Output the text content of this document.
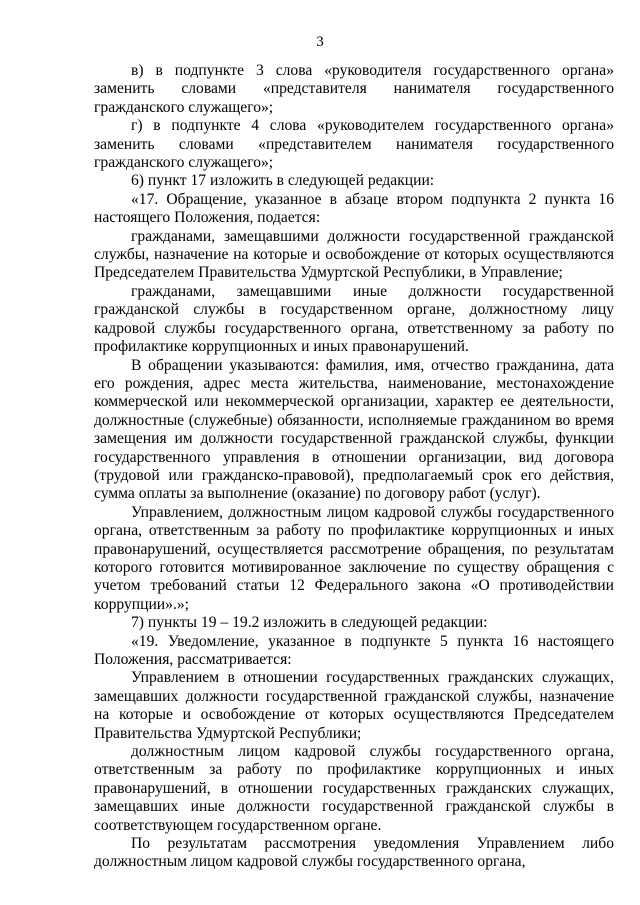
3

в) в подпункте 3 слова «руководителя государственного органа» заменить словами «представителя нанимателя государственного гражданского служащего»;

г) в подпункте 4 слова «руководителем государственного органа» заменить словами «представителем нанимателя государственного гражданского служащего»;

6) пункт 17 изложить в следующей редакции:

«17. Обращение, указанное в абзаце втором подпункта 2 пункта 16 настоящего Положения, подается:

гражданами, замещавшими должности государственной гражданской службы, назначение на которые и освобождение от которых осуществляются Председателем Правительства Удмуртской Республики, в Управление;

гражданами, замещавшими иные должности государственной гражданской службы в государственном органе, должностному лицу кадровой службы государственного органа, ответственному за работу по профилактике коррупционных и иных правонарушений.

В обращении указываются: фамилия, имя, отчество гражданина, дата его рождения, адрес места жительства, наименование, местонахождение коммерческой или некоммерческой организации, характер ее деятельности, должностные (служебные) обязанности, исполняемые гражданином во время замещения им должности государственной гражданской службы, функции государственного управления в отношении организации, вид договора (трудовой или гражданско-правовой), предполагаемый срок его действия, сумма оплаты за выполнение (оказание) по договору работ (услуг).

Управлением, должностным лицом кадровой службы государственного органа, ответственным за работу по профилактике коррупционных и иных правонарушений, осуществляется рассмотрение обращения, по результатам которого готовится мотивированное заключение по существу обращения с учетом требований статьи 12 Федерального закона «О противодействии коррупции».»;

7) пункты 19 – 19.2 изложить в следующей редакции:

«19. Уведомление, указанное в подпункте 5 пункта 16 настоящего Положения, рассматривается:

Управлением в отношении государственных гражданских служащих, замещавших должности государственной гражданской службы, назначение на которые и освобождение от которых осуществляются Председателем Правительства Удмуртской Республики;

должностным лицом кадровой службы государственного органа, ответственным за работу по профилактике коррупционных и иных правонарушений, в отношении государственных гражданских служащих, замещавших иные должности государственной гражданской службы в соответствующем государственном органе.

По результатам рассмотрения уведомления Управлением либо должностным лицом кадровой службы государственного органа,
